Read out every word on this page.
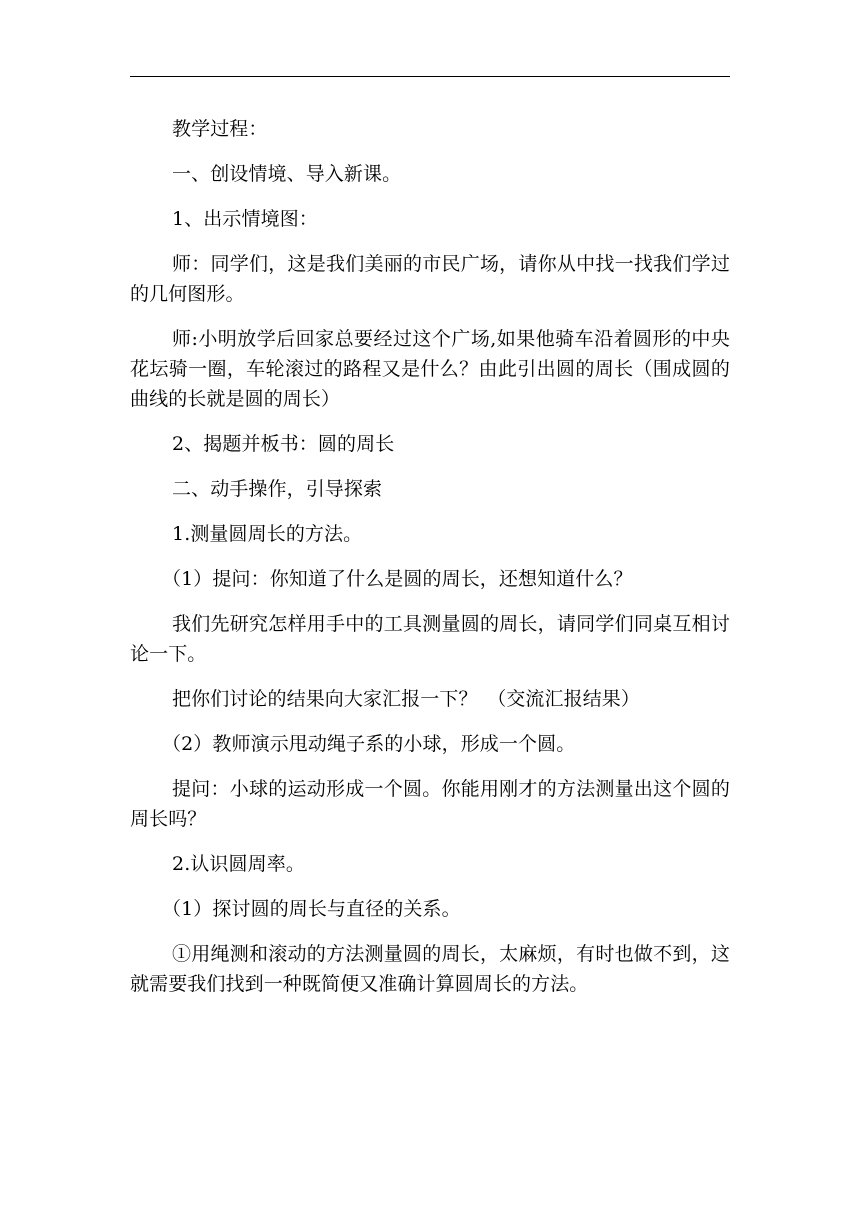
教学过程：

一、创设情境、导入新课。

1、出示情境图：

师：同学们，这是我们美丽的市民广场，请你从中找一找我们学过的几何图形。

师:小明放学后回家总要经过这个广场,如果他骑车沿着圆形的中央花坛骑一圈，车轮滚过的路程又是什么？由此引出圆的周长（围成圆的曲线的长就是圆的周长）

2、揭题并板书：圆的周长

二、动手操作，引导探索

1.测量圆周长的方法。

（1）提问：你知道了什么是圆的周长，还想知道什么？

我们先研究怎样用手中的工具测量圆的周长，请同学们同桌互相讨论一下。

把你们讨论的结果向大家汇报一下？　（交流汇报结果）

（2）教师演示甩动绳子系的小球，形成一个圆。

提问：小球的运动形成一个圆。你能用刚才的方法测量出这个圆的周长吗？

2.认识圆周率。

（1）探讨圆的周长与直径的关系。

①用绳测和滚动的方法测量圆的周长，太麻烦，有时也做不到，这就需要我们找到一种既简便又准确计算圆周长的方法。
